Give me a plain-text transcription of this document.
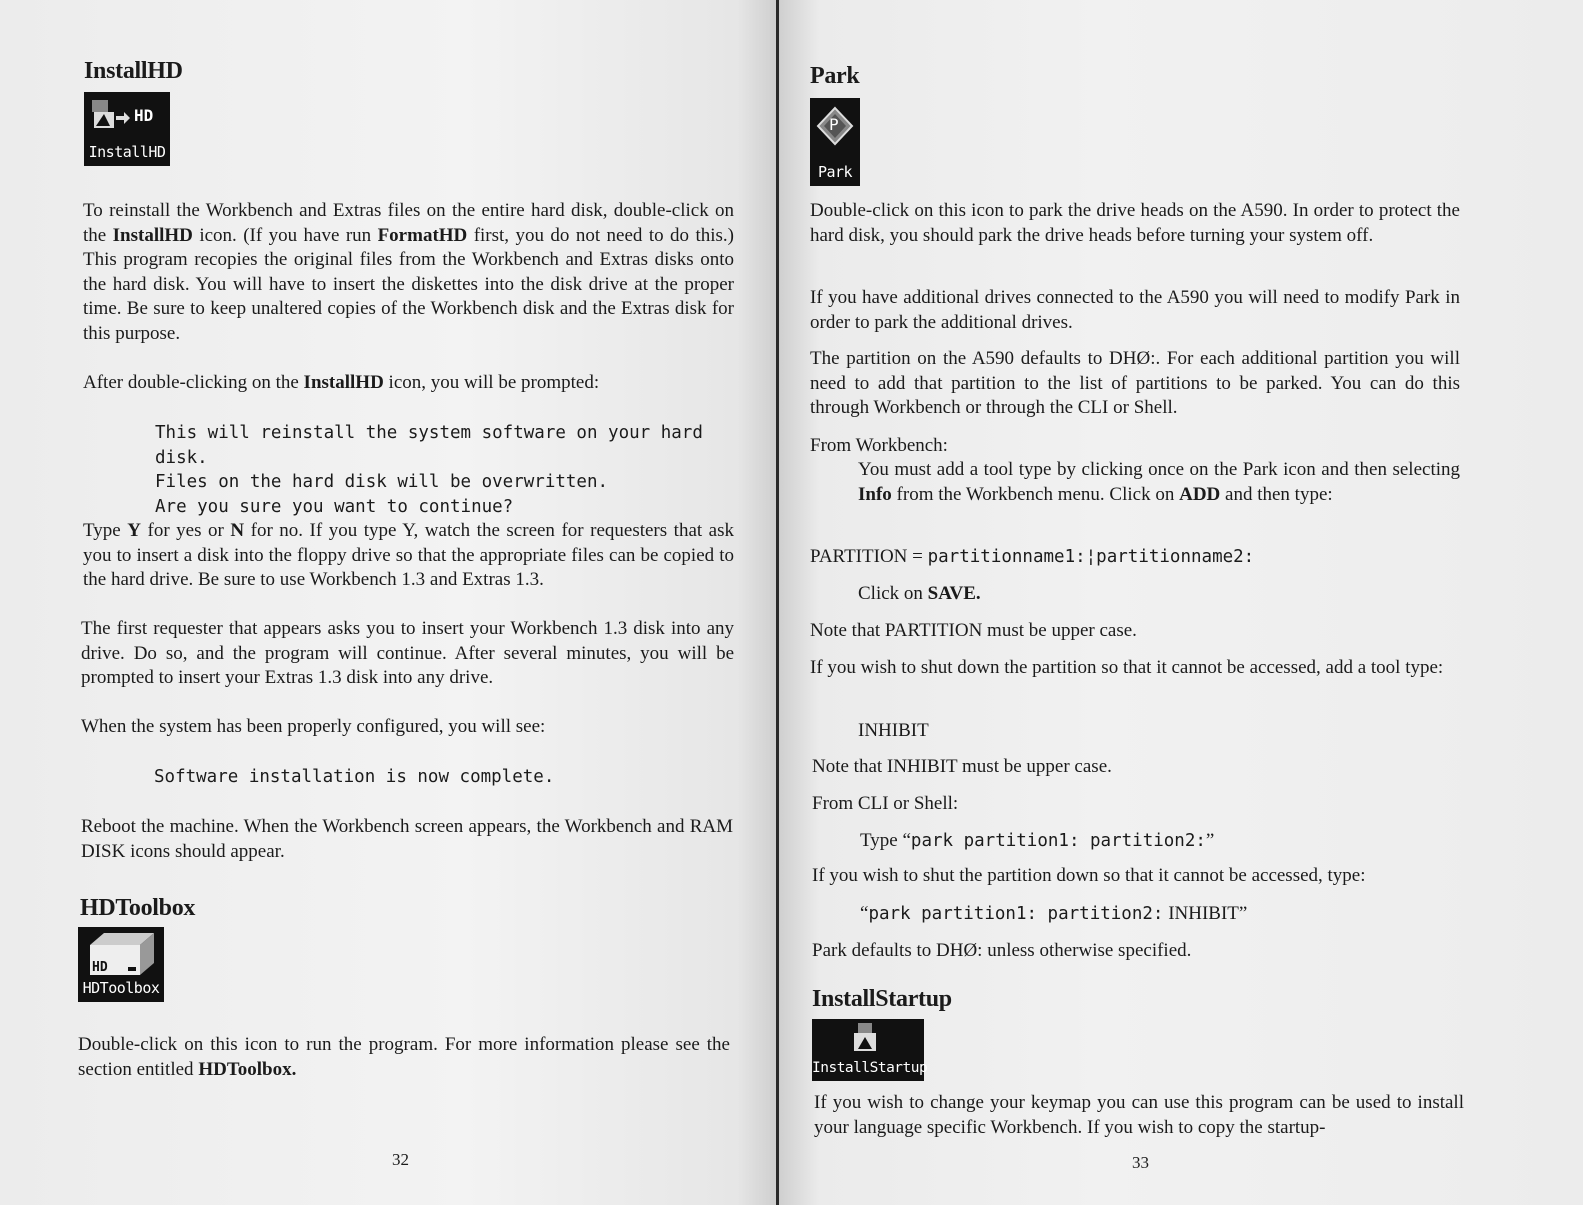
InstallHD
HD
InstallHD

To reinstall the Workbench and Extras files on the entire hard disk, double-click on the InstallHD icon. (If you have run FormatHD first, you do not need to do this.) This program recopies the original files from the Workbench and Extras disks onto the hard disk. You will have to insert the diskettes into the disk drive at the proper time. Be sure to keep unaltered copies of the Workbench disk and the Extras disk for this purpose.

After double-clicking on the InstallHD icon, you will be prompted:

This will reinstall the system software on your hard disk.
Files on the hard disk will be overwritten.
Are you sure you want to continue?

Type Y for yes or N for no. If you type Y, watch the screen for requesters that ask you to insert a disk into the floppy drive so that the appropriate files can be copied to the hard drive. Be sure to use Workbench 1.3 and Extras 1.3.

The first requester that appears asks you to insert your Workbench 1.3 disk into any drive. Do so, and the program will continue. After several minutes, you will be prompted to insert your Extras 1.3 disk into any drive.

When the system has been properly configured, you will see:

Software installation is now complete.

Reboot the machine. When the Workbench screen appears, the Workbench and RAM DISK icons should appear.

HDToolbox
HD
HDToolbox

Double-click on this icon to run the program. For more information please see the section entitled HDToolbox.

32
Park
P
Park

Double-click on this icon to park the drive heads on the A590. In order to protect the hard disk, you should park the drive heads before turning your system off.

If you have additional drives connected to the A590 you will need to modify Park in order to park the additional drives.

The partition on the A590 defaults to DHØ:. For each additional partition you will need to add that partition to the list of partitions to be parked. You can do this through Workbench or through the CLI or Shell.

From Workbench:

You must add a tool type by clicking once on the Park icon and then selecting Info from the Workbench menu. Click on ADD and then type:

PARTITION = partitionname1:¦partitionname2:
Click on SAVE.
Note that PARTITION must be upper case.

If you wish to shut down the partition so that it cannot be accessed, add a tool type:

INHIBIT
Note that INHIBIT must be upper case.
From CLI or Shell:
Type “park partition1: partition2:”
If you wish to shut the partition down so that it cannot be accessed, type:
“park partition1: partition2: INHIBIT”
Park defaults to DHØ: unless otherwise specified.
InstallStartup
InstallStartup

If you wish to change your keymap you can use this program can be used to install your language specific Workbench. If you wish to copy the startup-

33
